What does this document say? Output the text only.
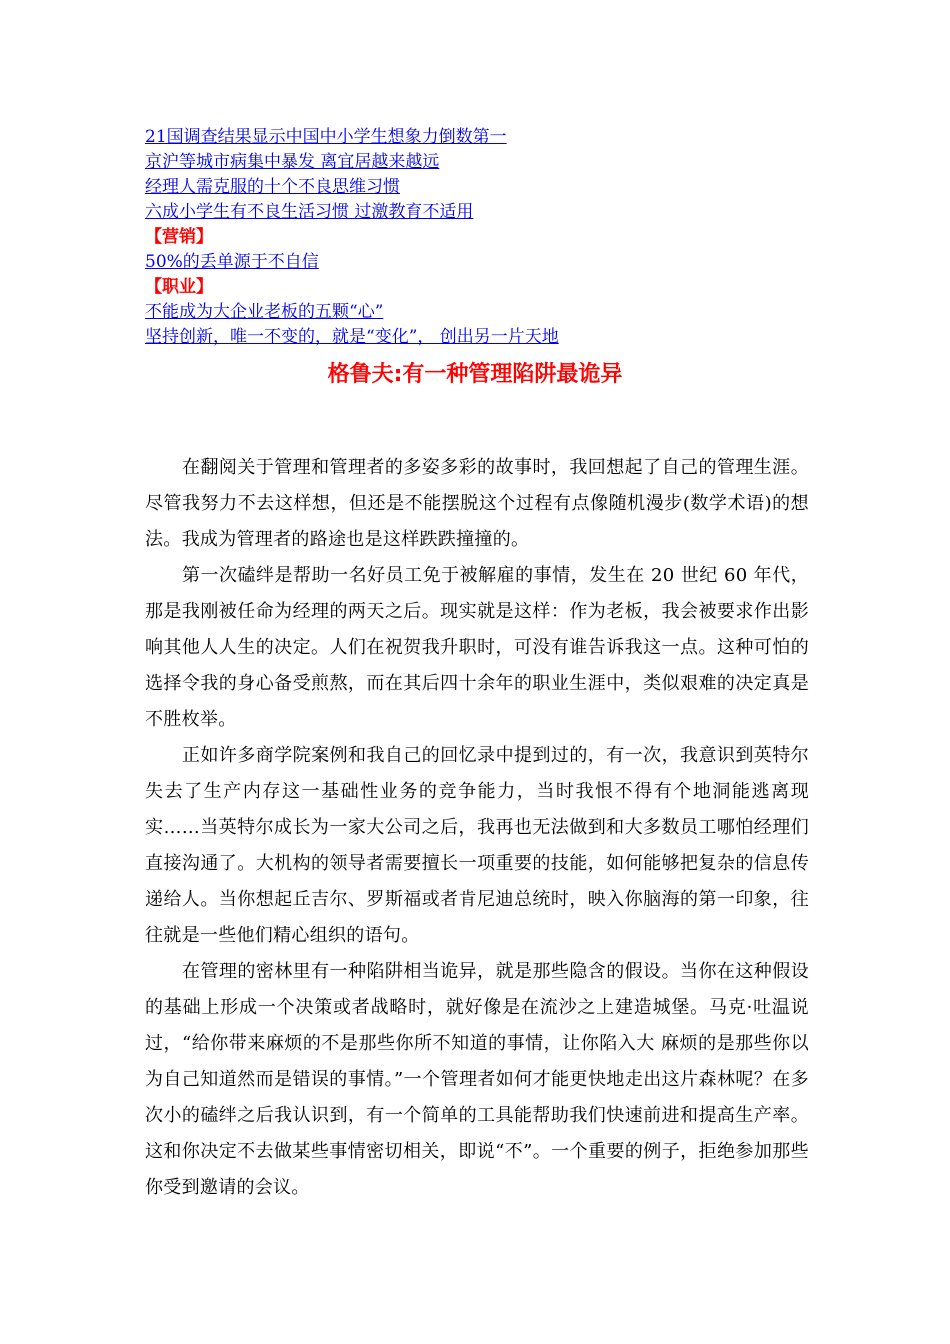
21国调查结果显示中国中小学生想象力倒数第一
京沪等城市病集中暴发 离宜居越来越远
经理人需克服的十个不良思维习惯
六成小学生有不良生活习惯 过激教育不适用
【营销】
50%的丢单源于不自信
【职业】
不能成为大企业老板的五颗“心”
坚持创新，唯一不变的，就是“变化”， 创出另一片天地
格鲁夫:有一种管理陷阱最诡异

在翻阅关于管理和管理者的多姿多彩的故事时，我回想起了自己的管理生涯。尽管我努力不去这样想，但还是不能摆脱这个过程有点像随机漫步(数学术语)的想法。我成为管理者的路途也是这样跌跌撞撞的。

第一次磕绊是帮助一名好员工免于被解雇的事情，发生在 20 世纪 60 年代，那是我刚被任命为经理的两天之后。现实就是这样：作为老板，我会被要求作出影响其他人人生的决定。人们在祝贺我升职时，可没有谁告诉我这一点。这种可怕的选择令我的身心备受煎熬，而在其后四十余年的职业生涯中，类似艰难的决定真是不胜枚举。

正如许多商学院案例和我自己的回忆录中提到过的，有一次，我意识到英特尔失去了生产内存这一基础性业务的竞争能力，当时我恨不得有个地洞能逃离现实……当英特尔成长为一家大公司之后，我再也无法做到和大多数员工哪怕经理们直接沟通了。大机构的领导者需要擅长一项重要的技能，如何能够把复杂的信息传递给人。当你想起丘吉尔、罗斯福或者肯尼迪总统时，映入你脑海的第一印象，往往就是一些他们精心组织的语句。

在管理的密林里有一种陷阱相当诡异，就是那些隐含的假设。当你在这种假设的基础上形成一个决策或者战略时，就好像是在流沙之上建造城堡。马克·吐温说过，“给你带来麻烦的不是那些你所不知道的事情，让你陷入大 麻烦的是那些你以为自己知道然而是错误的事情。”一个管理者如何才能更快地走出这片森林呢？在多次小的磕绊之后我认识到，有一个简单的工具能帮助我们快速前进和提高生产率。这和你决定不去做某些事情密切相关，即说“不”。一个重要的例子，拒绝参加那些你受到邀请的会议。
